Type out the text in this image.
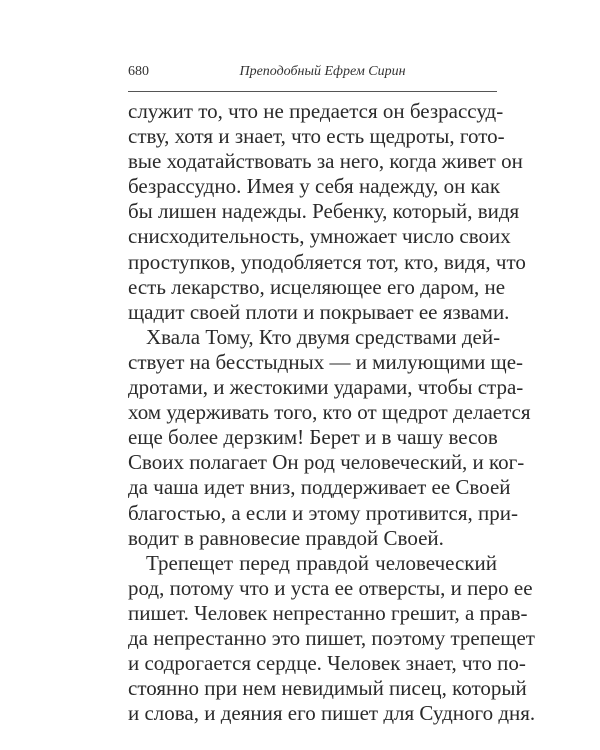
680	Преподобный Ефрем Сирин
служит то, что не предается он безрассуд-
ству, хотя и знает, что есть щедроты, гото-
вые ходатайствовать за него, когда живет он
безрассудно. Имея у себя надежду, он как
бы лишен надежды. Ребенку, который, видя
снисходительность, умножает число своих
проступков, уподобляется тот, кто, видя, что
есть лекарство, исцеляющее его даром, не
щадит своей плоти и покрывает ее язвами.
Хвала Тому, Кто двумя средствами дей-
ствует на бесстыдных — и милующими ще-
дротами, и жестокими ударами, чтобы стра-
хом удерживать того, кто от щедрот делается
еще более дерзким! Берет и в чашу весов
Своих полагает Он род человеческий, и ког-
да чаша идет вниз, поддерживает ее Своей
благостью, а если и этому противится, при-
водит в равновесие правдой Своей.
Трепещет перед правдой человеческий
род, потому что и уста ее отверсты, и перо ее
пишет. Человек непрестанно грешит, а прав-
да непрестанно это пишет, поэтому трепещет
и содрогается сердце. Человек знает, что по-
стоянно при нем невидимый писец, который
и слова, и деяния его пишет для Судного дня.
